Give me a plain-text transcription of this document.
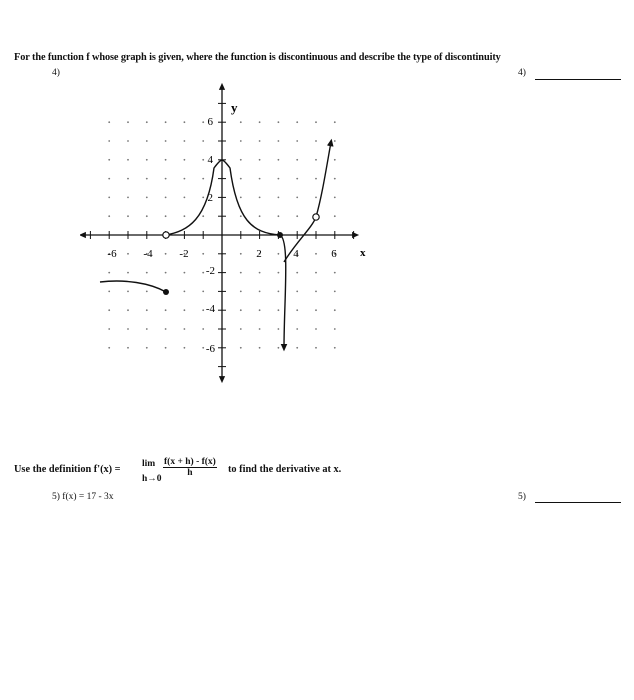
For the function f whose graph is given, where the function is discontinuous and describe the type of discontinuity
4)	4)
-6 -4 -2	2	4	6 x
y
6
4
2
-2
-4
-6
Use the definition f'(x) = lim
h→0
$\frac{f(x + h) - f(x)}{h}$ to find the derivative at x.
5) f(x) = 17 - 3x	5)
